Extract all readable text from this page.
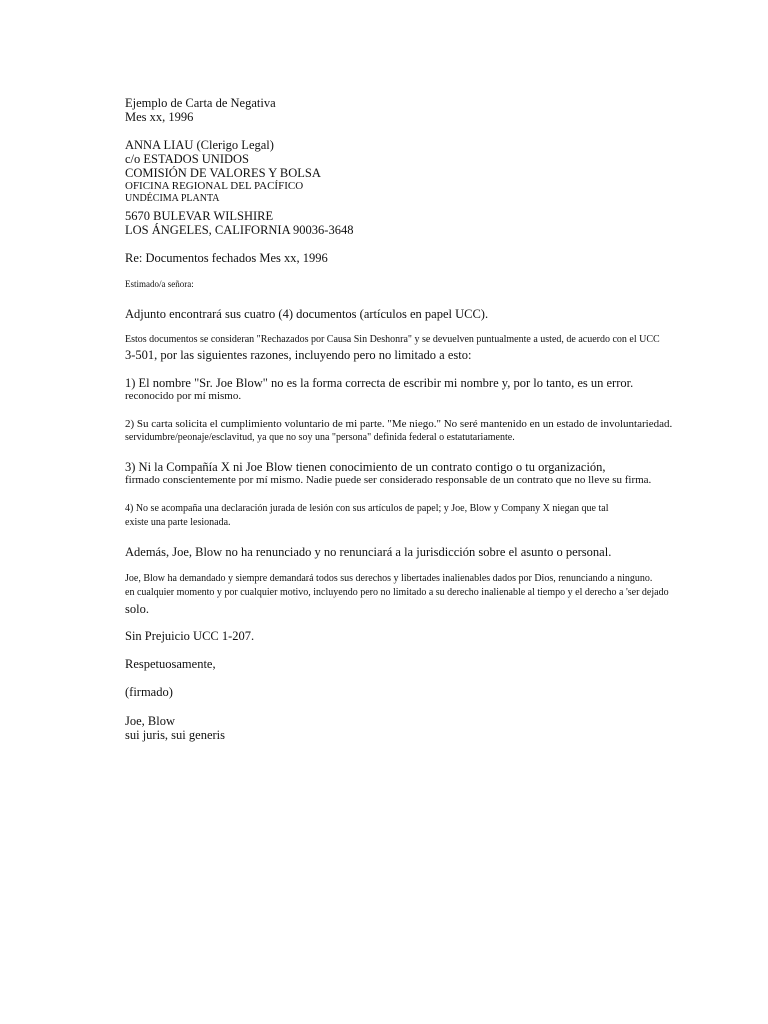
Ejemplo de Carta de Negativa
Mes xx, 1996
ANNA LIAU (Clerigo Legal)
c/o ESTADOS UNIDOS
COMISIÓN DE VALORES Y BOLSA
OFICINA REGIONAL DEL PACÍFICO
UNDÉCIMA PLANTA
5670 BULEVAR WILSHIRE
LOS ÁNGELES, CALIFORNIA 90036-3648
Re: Documentos fechados Mes xx, 1996
Estimado/a señora:
Adjunto encontrará sus cuatro (4) documentos (artículos en papel UCC).
Estos documentos se consideran "Rechazados por Causa Sin Deshonra" y se devuelven puntualmente a usted, de acuerdo con el UCC
3-501, por las siguientes razones, incluyendo pero no limitado a esto:
1) El nombre "Sr. Joe Blow" no es la forma correcta de escribir mi nombre y, por lo tanto, es un error.
reconocido por mí mismo.
2) Su carta solicita el cumplimiento voluntario de mi parte. "Me niego." No seré mantenido en un estado de involuntariedad.
servidumbre/peonaje/esclavitud, ya que no soy una "persona" definida federal o estatutariamente.
3) Ni la Compañía X ni Joe Blow tienen conocimiento de un contrato contigo o tu organización,
firmado conscientemente por mí mismo. Nadie puede ser considerado responsable de un contrato que no lleve su firma.
4) No se acompaña una declaración jurada de lesión con sus artículos de papel; y Joe, Blow y Company X niegan que tal
existe una parte lesionada.
Además, Joe, Blow no ha renunciado y no renunciará a la jurisdicción sobre el asunto o personal.
Joe, Blow ha demandado y siempre demandará todos sus derechos y libertades inalienables dados por Dios, renunciando a ninguno.
en cualquier momento y por cualquier motivo, incluyendo pero no limitado a su derecho inalienable al tiempo y el derecho a 'ser dejado
solo.
Sin Prejuicio UCC 1-207.
Respetuosamente,
(firmado)
Joe, Blow
sui juris, sui generis
